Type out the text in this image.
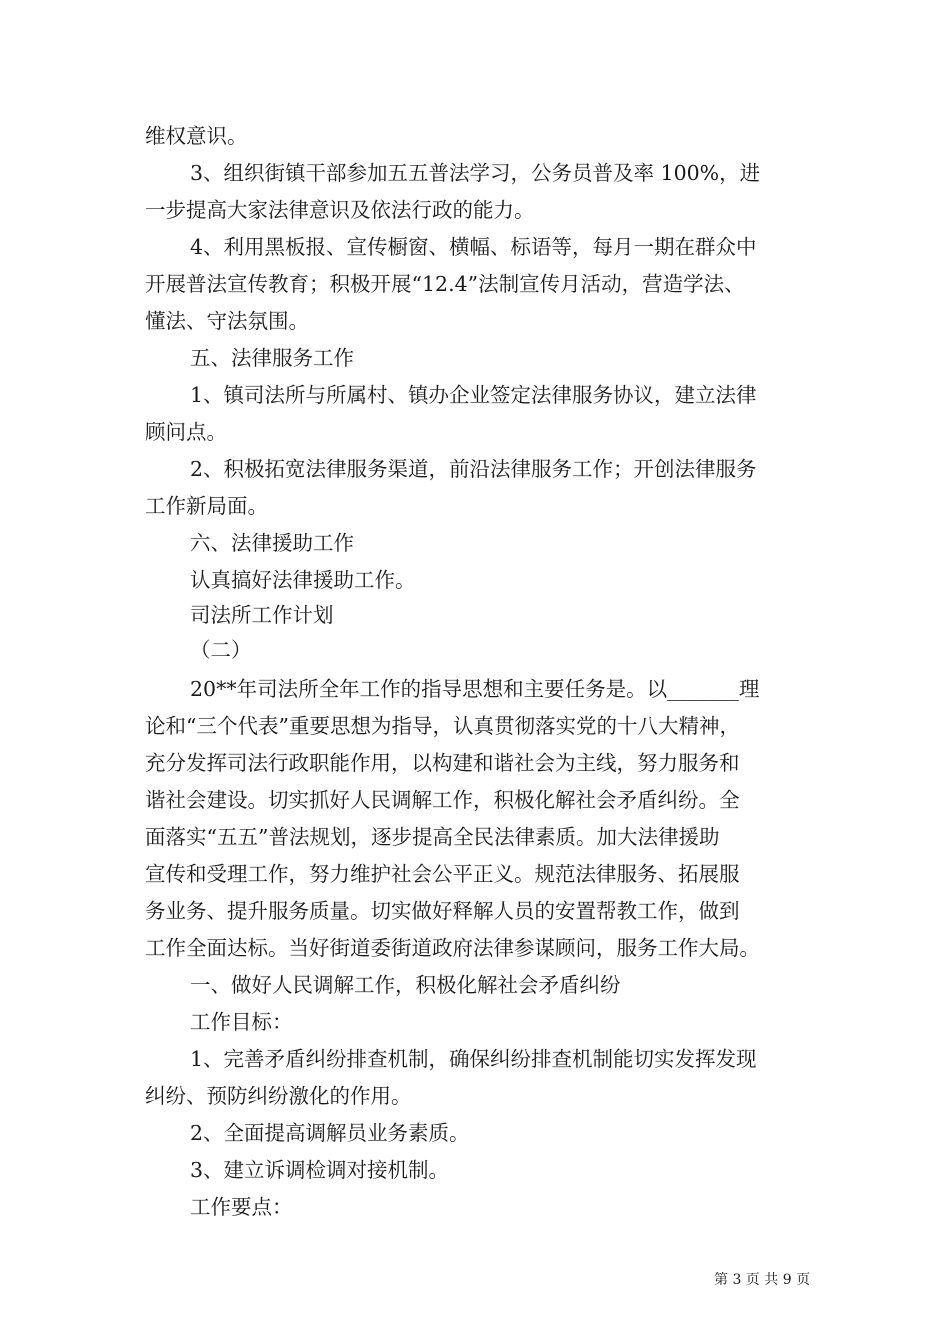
维权意识。
3、组织街镇干部参加五五普法学习，公务员普及率 100%，进
一步提高大家法律意识及依法行政的能力。
4、利用黑板报、宣传橱窗、横幅、标语等，每月一期在群众中
开展普法宣传教育；积极开展“12.4”法制宣传月活动，营造学法、
懂法、守法氛围。
五、法律服务工作
1、镇司法所与所属村、镇办企业签定法律服务协议，建立法律
顾问点。
2、积极拓宽法律服务渠道，前沿法律服务工作；开创法律服务
工作新局面。
六、法律援助工作
认真搞好法律援助工作。
司法所工作计划
（二）
20**年司法所全年工作的指导思想和主要任务是。以_______理
论和“三个代表”重要思想为指导，认真贯彻落实党的十八大精神，
充分发挥司法行政职能作用，以构建和谐社会为主线，努力服务和
谐社会建设。切实抓好人民调解工作，积极化解社会矛盾纠纷。全
面落实“五五”普法规划，逐步提高全民法律素质。加大法律援助
宣传和受理工作，努力维护社会公平正义。规范法律服务、拓展服
务业务、提升服务质量。切实做好释解人员的安置帮教工作，做到
工作全面达标。当好街道委街道政府法律参谋顾问，服务工作大局。
一、做好人民调解工作，积极化解社会矛盾纠纷
工作目标：
1、完善矛盾纠纷排查机制，确保纠纷排查机制能切实发挥发现
纠纷、预防纠纷激化的作用。
2、全面提高调解员业务素质。
3、建立诉调检调对接机制。
工作要点：
第 3 页 共 9 页
